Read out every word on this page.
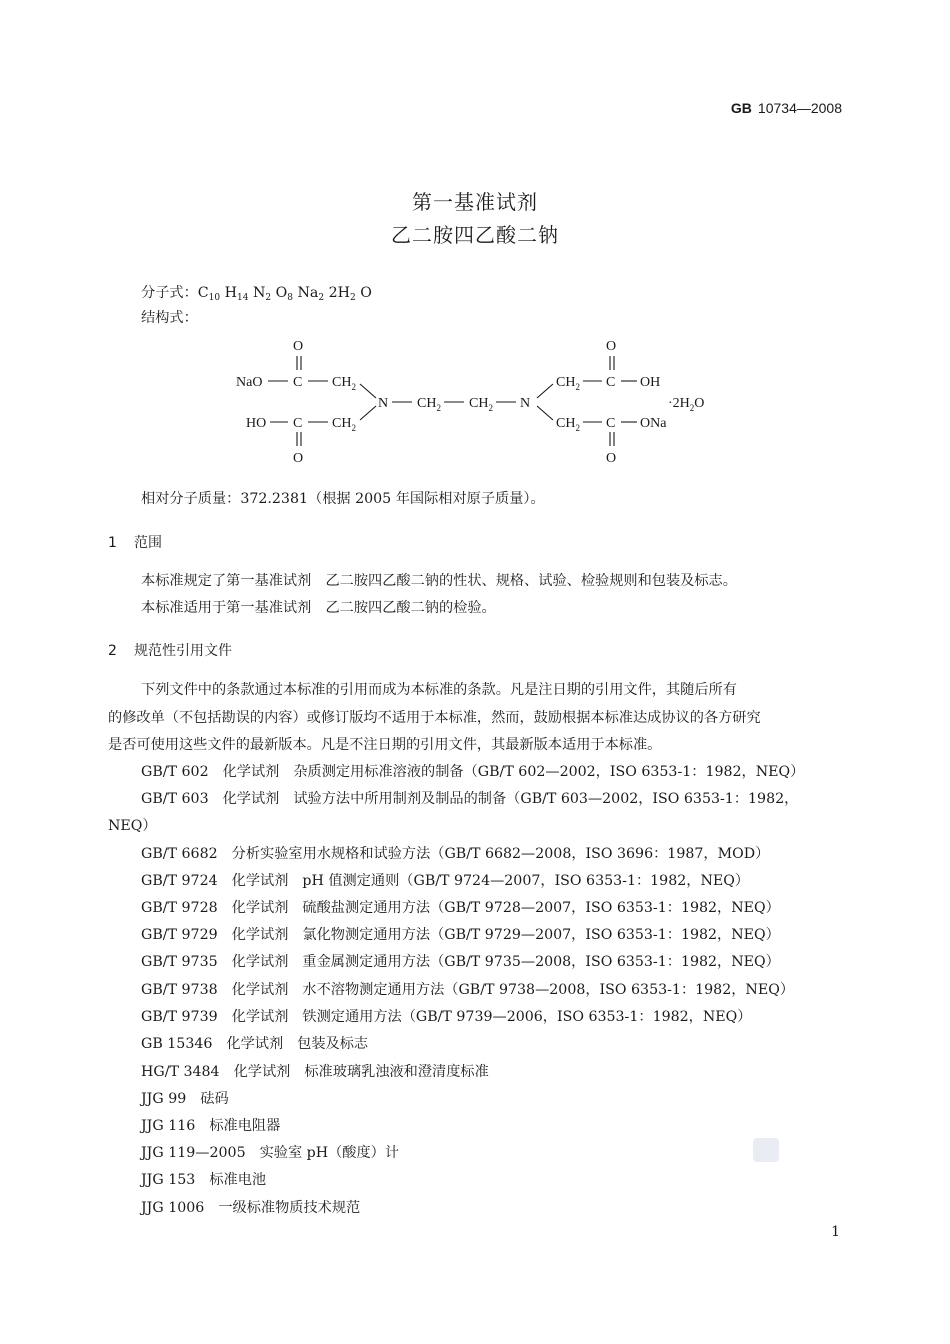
GB 10734—2008
第一基准试剂
乙二胺四乙酸二钠
分子式：$C_{10}$ $H_{14}$ $N_2$ $O_8$ $Na_2$ $2H_2$ O
结构式：
O
NaO C $CH_2$
HO C $CH_2$
O
N $CH_2$ $CH_2$ N
O
$CH_2$ C OH
$CH_2$ C ONa
O
$\cdot 2H_2O$
相对分子质量：372.2381（根据 2005 年国际相对原子质量）。
1 范围
本标准规定了第一基准试剂　乙二胺四乙酸二钠的性状、规格、试验、检验规则和包装及标志。
本标准适用于第一基准试剂　乙二胺四乙酸二钠的检验。
2 规范性引用文件
下列文件中的条款通过本标准的引用而成为本标准的条款。凡是注日期的引用文件，其随后所有
的修改单（不包括勘误的内容）或修订版均不适用于本标准，然而，鼓励根据本标准达成协议的各方研究
是否可使用这些文件的最新版本。凡是不注日期的引用文件，其最新版本适用于本标准。
GB/T 602 化学试剂 杂质测定用标准溶液的制备（GB/T 602—2002，ISO 6353-1：1982，NEQ）
GB/T 603 化学试剂 试验方法中所用制剂及制品的制备（GB/T 603—2002，ISO 6353-1：1982，
NEQ）
GB/T 6682 分析实验室用水规格和试验方法（GB/T 6682—2008，ISO 3696：1987，MOD）
GB/T 9724 化学试剂 pH 值测定通则（GB/T 9724—2007，ISO 6353-1：1982，NEQ）
GB/T 9728 化学试剂 硫酸盐测定通用方法（GB/T 9728—2007，ISO 6353-1：1982，NEQ）
GB/T 9729 化学试剂 氯化物测定通用方法（GB/T 9729—2007，ISO 6353-1：1982，NEQ）
GB/T 9735 化学试剂 重金属测定通用方法（GB/T 9735—2008，ISO 6353-1：1982，NEQ）
GB/T 9738 化学试剂 水不溶物测定通用方法（GB/T 9738—2008，ISO 6353-1：1982，NEQ）
GB/T 9739 化学试剂 铁测定通用方法（GB/T 9739—2006，ISO 6353-1：1982，NEQ）
GB 15346 化学试剂 包装及标志
HG/T 3484 化学试剂 标准玻璃乳浊液和澄清度标准
JJG 99 砝码
JJG 116 标准电阻器
JJG 119—2005 实验室 pH（酸度）计
JJG 153 标准电池
JJG 1006 一级标准物质技术规范
1
